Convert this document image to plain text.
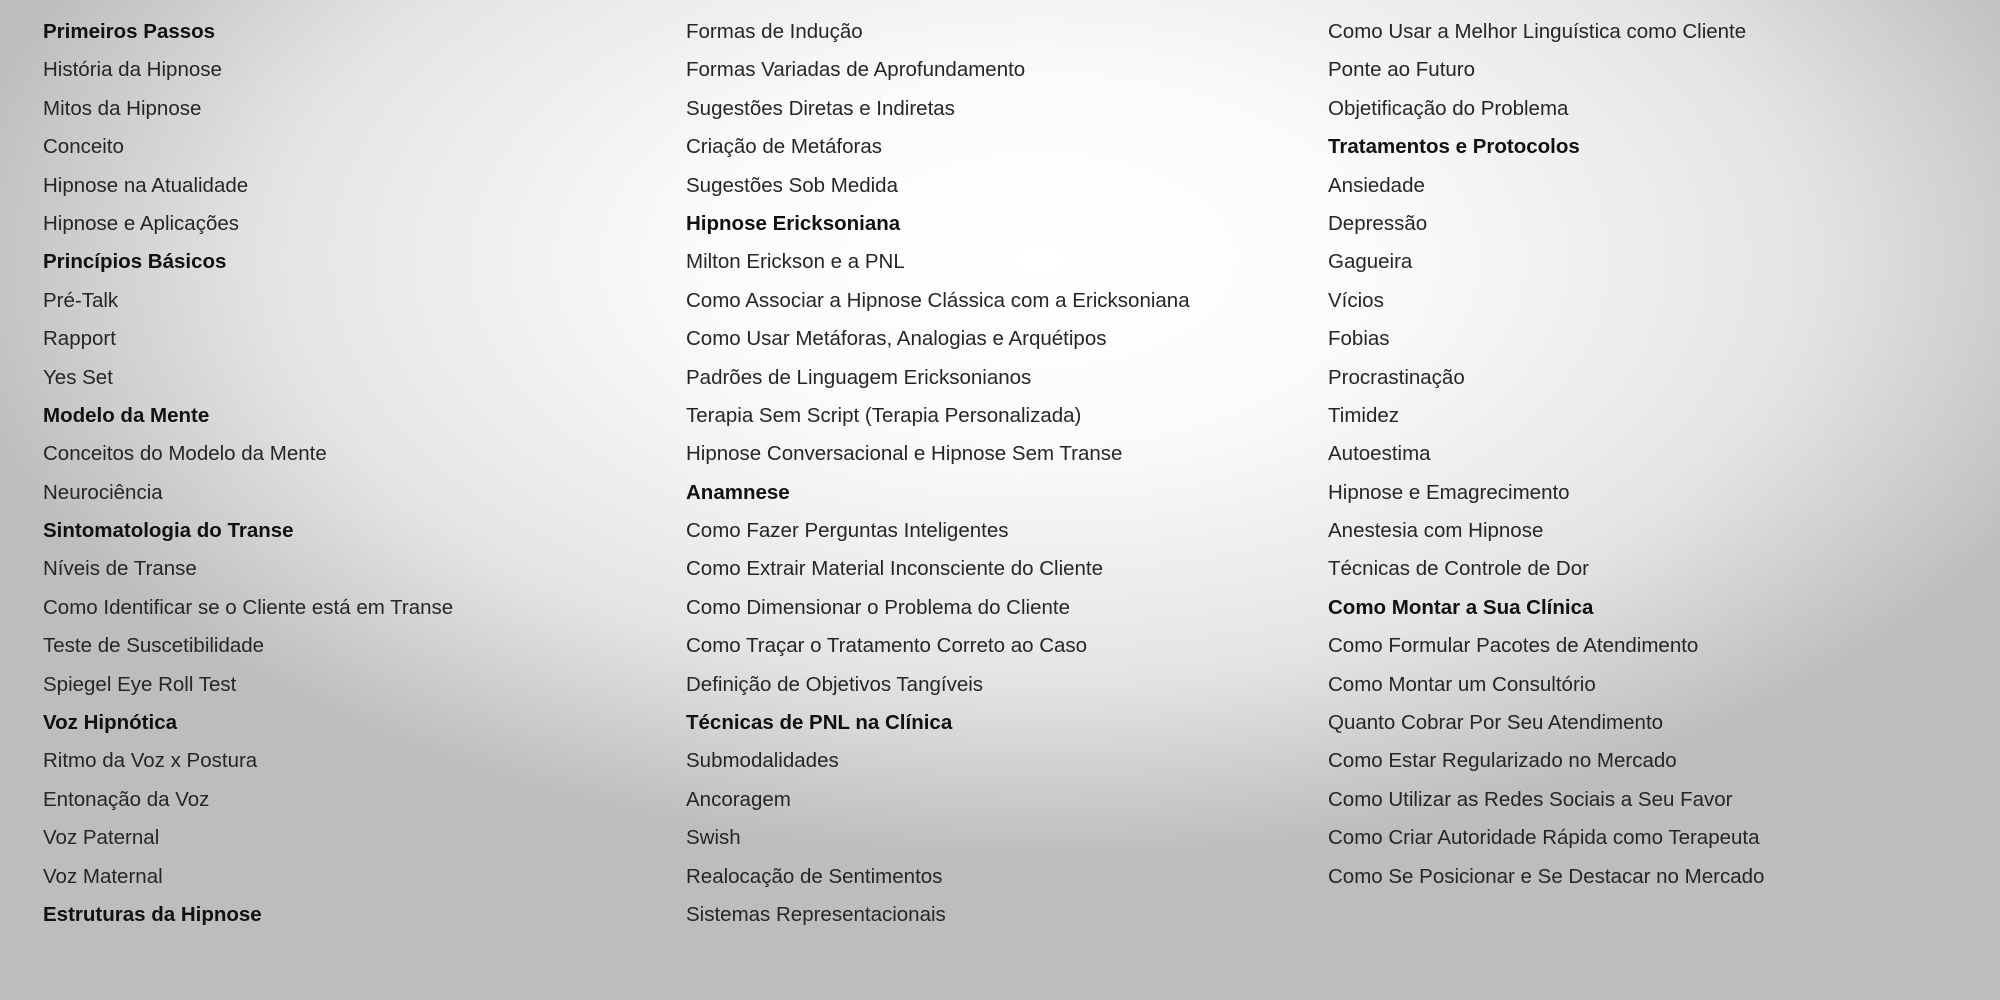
Primeiros Passos
História da Hipnose
Mitos da Hipnose
Conceito
Hipnose na Atualidade
Hipnose e Aplicações
Princípios Básicos
Pré-Talk
Rapport
Yes Set
Modelo da Mente
Conceitos do Modelo da Mente
Neurociência
Sintomatologia do Transe
Níveis de Transe
Como Identificar se o Cliente está em Transe
Teste de Suscetibilidade
Spiegel Eye Roll Test
Voz Hipnótica
Ritmo da Voz x Postura
Entonação da Voz
Voz Paternal
Voz Maternal
Estruturas da Hipnose
Formas de Indução
Formas Variadas de Aprofundamento
Sugestões Diretas e Indiretas
Criação de Metáforas
Sugestões Sob Medida
Hipnose Ericksoniana
Milton Erickson e a PNL
Como Associar a Hipnose Clássica com a Ericksoniana
Como Usar Metáforas, Analogias e Arquétipos
Padrões de Linguagem Ericksonianos
Terapia Sem Script (Terapia Personalizada)
Hipnose Conversacional e Hipnose Sem Transe
Anamnese
Como Fazer Perguntas Inteligentes
Como Extrair Material Inconsciente do Cliente
Como Dimensionar o Problema do Cliente
Como Traçar o Tratamento Correto ao Caso
Definição de Objetivos Tangíveis
Técnicas de PNL na Clínica
Submodalidades
Ancoragem
Swish
Realocação de Sentimentos
Sistemas Representacionais
Como Usar a Melhor Linguística como Cliente
Ponte ao Futuro
Objetificação do Problema
Tratamentos e Protocolos
Ansiedade
Depressão
Gagueira
Vícios
Fobias
Procrastinação
Timidez
Autoestima
Hipnose e Emagrecimento
Anestesia com Hipnose
Técnicas de Controle de Dor
Como Montar a Sua Clínica
Como Formular Pacotes de Atendimento
Como Montar um Consultório
Quanto Cobrar Por Seu Atendimento
Como Estar Regularizado no Mercado
Como Utilizar as Redes Sociais a Seu Favor
Como Criar Autoridade Rápida como Terapeuta
Como Se Posicionar e Se Destacar no Mercado
